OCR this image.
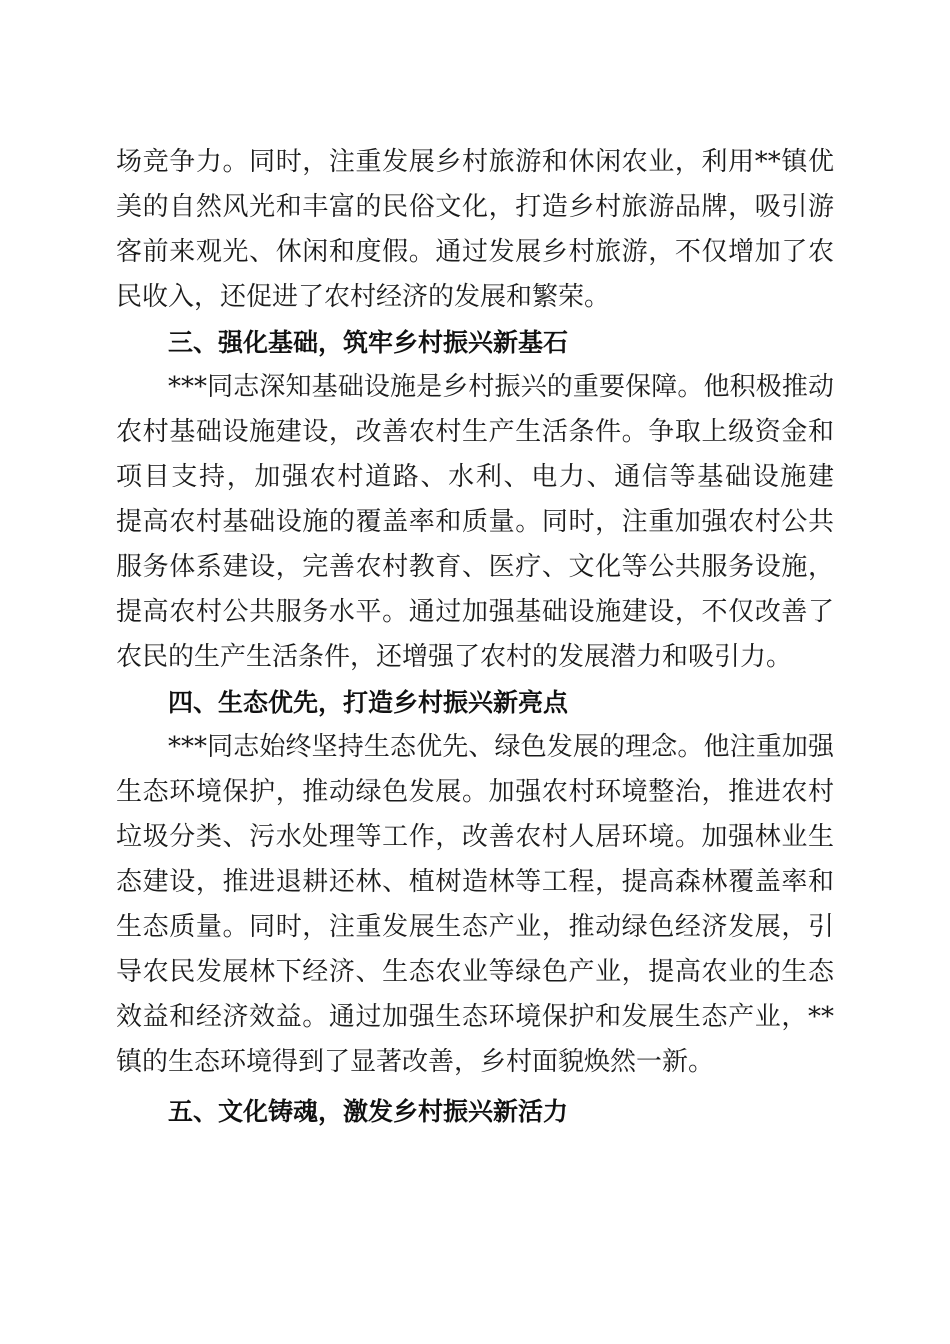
场竞争力。同时，注重发展乡村旅游和休闲农业，利用**镇优
美的自然风光和丰富的民俗文化，打造乡村旅游品牌，吸引游
客前来观光、休闲和度假。通过发展乡村旅游，不仅增加了农
民收入，还促进了农村经济的发展和繁荣。
三、强化基础，筑牢乡村振兴新基石
***同志深知基础设施是乡村振兴的重要保障。他积极推动
农村基础设施建设，改善农村生产生活条件。争取上级资金和
项目支持，加强农村道路、水利、电力、通信等基础设施建
提高农村基础设施的覆盖率和质量。同时，注重加强农村公共
服务体系建设，完善农村教育、医疗、文化等公共服务设施，
提高农村公共服务水平。通过加强基础设施建设，不仅改善了
农民的生产生活条件，还增强了农村的发展潜力和吸引力。
四、生态优先，打造乡村振兴新亮点
***同志始终坚持生态优先、绿色发展的理念。他注重加强
生态环境保护，推动绿色发展。加强农村环境整治，推进农村
垃圾分类、污水处理等工作，改善农村人居环境。加强林业生
态建设，推进退耕还林、植树造林等工程，提高森林覆盖率和
生态质量。同时，注重发展生态产业，推动绿色经济发展，引
导农民发展林下经济、生态农业等绿色产业，提高农业的生态
效益和经济效益。通过加强生态环境保护和发展生态产业，**
镇的生态环境得到了显著改善，乡村面貌焕然一新。
五、文化铸魂，激发乡村振兴新活力
